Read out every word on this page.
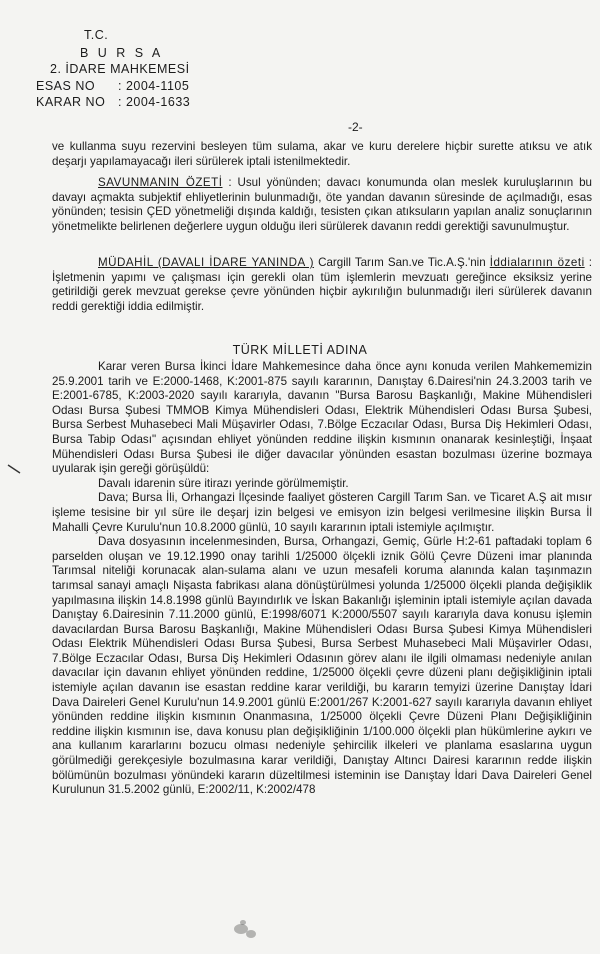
T.C.
B U R S A
2. İDARE MAHKEMESİ
ESAS NO : 2004-1105
KARAR NO : 2004-1633
-2-

ve kullanma suyu rezervini besleyen tüm sulama, akar ve kuru derelere hiçbir surette atıksu ve atık deşarjı yapılamayacağı ileri sürülerek iptali istenilmektedir.

SAVUNMANIN ÖZETİ : Usul yönünden; davacı konumunda olan meslek kuruluşlarının bu davayı açmakta subjektif ehliyetlerinin bulunmadığı, öte yandan davanın süresinde de açılmadığı, esas yönünden; tesisin ÇED yönetmeliği dışında kaldığı, tesisten çıkan atıksuların yapılan analiz sonuçlarının yönetmelikte belirlenen değerlere uygun olduğu ileri sürülerek davanın reddi gerektiği savunulmuştur.

MÜDAHİL (DAVALI İDARE YANINDA ) Cargill Tarım San.ve Tic.A.Ş.'nin İddialarının özeti : İşletmenin yapımı ve çalışması için gerekli olan tüm işlemlerin mevzuatı gereğince eksiksiz yerine getirildiği gerek mevzuat gerekse çevre yönünden hiçbir aykırılığın bulunmadığı ileri sürülerek davanın reddi gerektiği iddia edilmiştir.

TÜRK MİLLETİ ADINA

Karar veren Bursa İkinci İdare Mahkemesince daha önce aynı konuda verilen Mahkememizin 25.9.2001 tarih ve E:2000-1468, K:2001-875 sayılı kararının, Danıştay 6.Dairesi'nin 24.3.2003 tarih ve E:2001-6785, K:2003-2020 sayılı kararıyla, davanın "Bursa Barosu Başkanlığı, Makine Mühendisleri Odası Bursa Şubesi TMMOB Kimya Mühendisleri Odası, Elektrik Mühendisleri Odası Bursa Şubesi, Bursa Serbest Muhasebeci Mali Müşavirler Odası, 7.Bölge Eczacılar Odası, Bursa Diş Hekimleri Odası, Bursa Tabip Odası" açısından ehliyet yönünden reddine ilişkin kısmının onanarak kesinleştiği, İnşaat Mühendisleri Odası Bursa Şubesi ile diğer davacılar yönünden esastan bozulması üzerine bozmaya uyularak işin gereği görüşüldü:

Davalı idarenin süre itirazı yerinde görülmemiştir.

Dava; Bursa İli, Orhangazi İlçesinde faaliyet gösteren Cargill Tarım San. ve Ticaret A.Ş ait mısır işleme tesisine bir yıl süre ile deşarj izin belgesi ve emisyon izin belgesi verilmesine ilişkin Bursa İl Mahalli Çevre Kurulu'nun 10.8.2000 günlü, 10 sayılı kararının iptali istemiyle açılmıştır.

Dava dosyasının incelenmesinden, Bursa, Orhangazi, Gemiç, Gürle H:2-61 paftadaki toplam 6 parselden oluşan ve 19.12.1990 onay tarihli 1/25000 ölçekli iznik Gölü Çevre Düzeni imar planında Tarımsal niteliği korunacak alan-sulama alanı ve uzun mesafeli koruma alanında kalan taşınmazın tarımsal sanayi amaçlı Nişasta fabrikası alana dönüştürülmesi yolunda 1/25000 ölçekli planda değişiklik yapılmasına ilişkin 14.8.1998 günlü Bayındırlık ve İskan Bakanlığı işleminin iptali istemiyle açılan davada Danıştay 6.Dairesinin 7.11.2000 günlü, E:1998/6071 K:2000/5507 sayılı kararıyla dava konusu işlemin davacılardan Bursa Barosu Başkanlığı, Makine Mühendisleri Odası Bursa Şubesi Kimya Mühendisleri Odası Elektrik Mühendisleri Odası Bursa Şubesi, Bursa Serbest Muhasebeci Mali Müşavirler Odası, 7.Bölge Eczacılar Odası, Bursa Diş Hekimleri Odasının görev alanı ile ilgili olmaması nedeniyle anılan davacılar için davanın ehliyet yönünden reddine, 1/25000 ölçekli çevre düzeni planı değişikliğinin iptali istemiyle açılan davanın ise esastan reddine karar verildiği, bu kararın temyizi üzerine Danıştay İdari Dava Daireleri Genel Kurulu'nun 14.9.2001 günlü E:2001/267 K:2001-627 sayılı kararıyla davanın ehliyet yönünden reddine ilişkin kısmının Onanmasına, 1/25000 ölçekli Çevre Düzeni Planı Değişikliğinin reddine ilişkin kısmının ise, dava konusu plan değişikliğinin 1/100.000 ölçekli plan hükümlerine aykırı ve ana kullanım kararlarını bozucu olması nedeniyle şehircilik ilkeleri ve planlama esaslarına uygun görülmediği gerekçesiyle bozulmasına karar verildiği, Danıştay Altıncı Dairesi kararının redde ilişkin bölümünün bozulması yönündeki kararın düzeltilmesi isteminin ise Danıştay İdari Dava Daireleri Genel Kurulunun 31.5.2002 günlü, E:2002/11, K:2002/478
